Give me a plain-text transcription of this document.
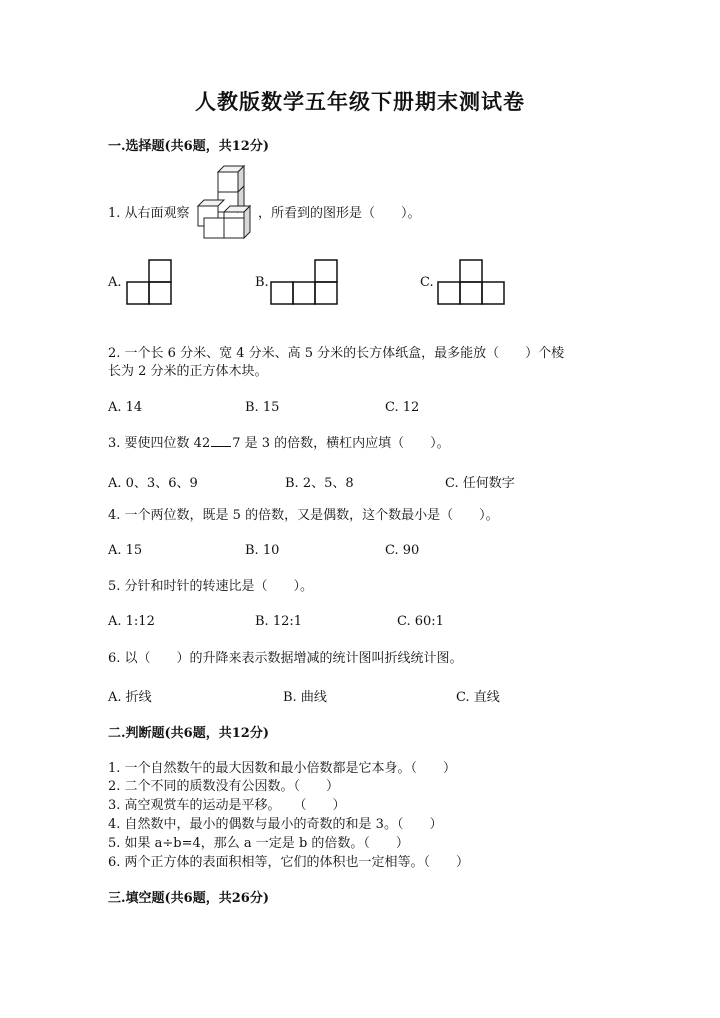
人教版数学五年级下册期末测试卷
一.选择题(共6题，共12分)
1. 从右面观察	，所看到的图形是（　　）。
A.	B.	C.
2. 一个长 6 分米、宽 4 分米、高 5 分米的长方体纸盒，最多能放（　　）个棱
长为 2 分米的正方体木块。
A. 14	B. 15	C. 12
3. 要使四位数 42 7 是 3 的倍数，横杠内应填（　　）。
A. 0、3、6、9	B. 2、5、8	C. 任何数字
4. 一个两位数，既是 5 的倍数，又是偶数，这个数最小是（　　）。
A. 15	B. 10	C. 90
5. 分针和时针的转速比是（　　）。
A. 1:12	B. 12:1	C. 60:1
6. 以（　　）的升降来表示数据增减的统计图叫折线统计图。
A. 折线	B. 曲线	C. 直线
二.判断题(共6题，共12分)
1. 一个自然数午的最大因数和最小倍数都是它本身。（　　）
2. 二个不同的质数没有公因数。（　　）
3. 高空观赏车的运动是平移。　　（　　）
4. 自然数中，最小的偶数与最小的奇数的和是 3。（　　）
5. 如果 a÷b=4，那么 a 一定是 b 的倍数。（　　）
6. 两个正方体的表面积相等，它们的体积也一定相等。（　　）
三.填空题(共6题，共26分)
